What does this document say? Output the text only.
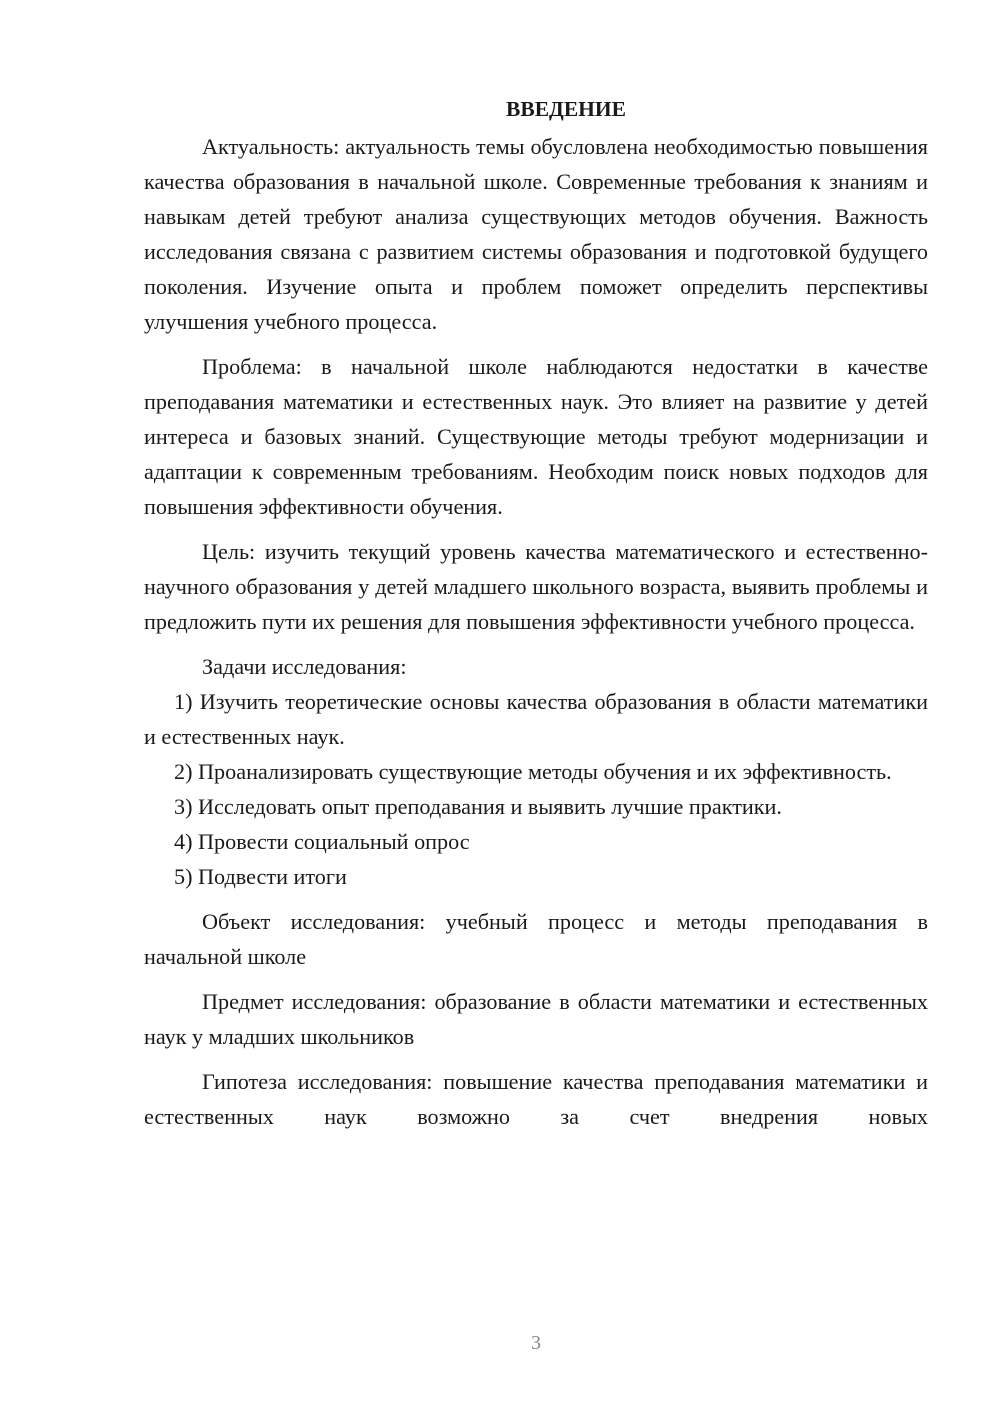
ВВЕДЕНИЕ

Актуальность: актуальность темы обусловлена необходимостью повышения качества образования в начальной школе. Современные требования к знаниям и навыкам детей требуют анализа существующих методов обучения. Важность исследования связана с развитием системы образования и подготовкой будущего поколения. Изучение опыта и проблем поможет определить перспективы улучшения учебного процесса.

Проблема: в начальной школе наблюдаются недостатки в качестве преподавания математики и естественных наук. Это влияет на развитие у детей интереса и базовых знаний. Существующие методы требуют модернизации и адаптации к современным требованиям. Необходим поиск новых подходов для повышения эффективности обучения.

Цель: изучить текущий уровень качества математического и естественно-научного образования у детей младшего школьного возраста, выявить проблемы и предложить пути их решения для повышения эффективности учебного процесса.

Задачи исследования:

1) Изучить теоретические основы качества образования в области математики и естественных наук.

2) Проанализировать существующие методы обучения и их эффективность.

3) Исследовать опыт преподавания и выявить лучшие практики.

4) Провести социальный опрос

5) Подвести итоги

Объект исследования: учебный процесс и методы преподавания в начальной школе

Предмет исследования: образование в области математики и естественных наук у младших школьников

Гипотеза исследования: повышение качества преподавания математики и естественных наук возможно за счет внедрения новых

3
